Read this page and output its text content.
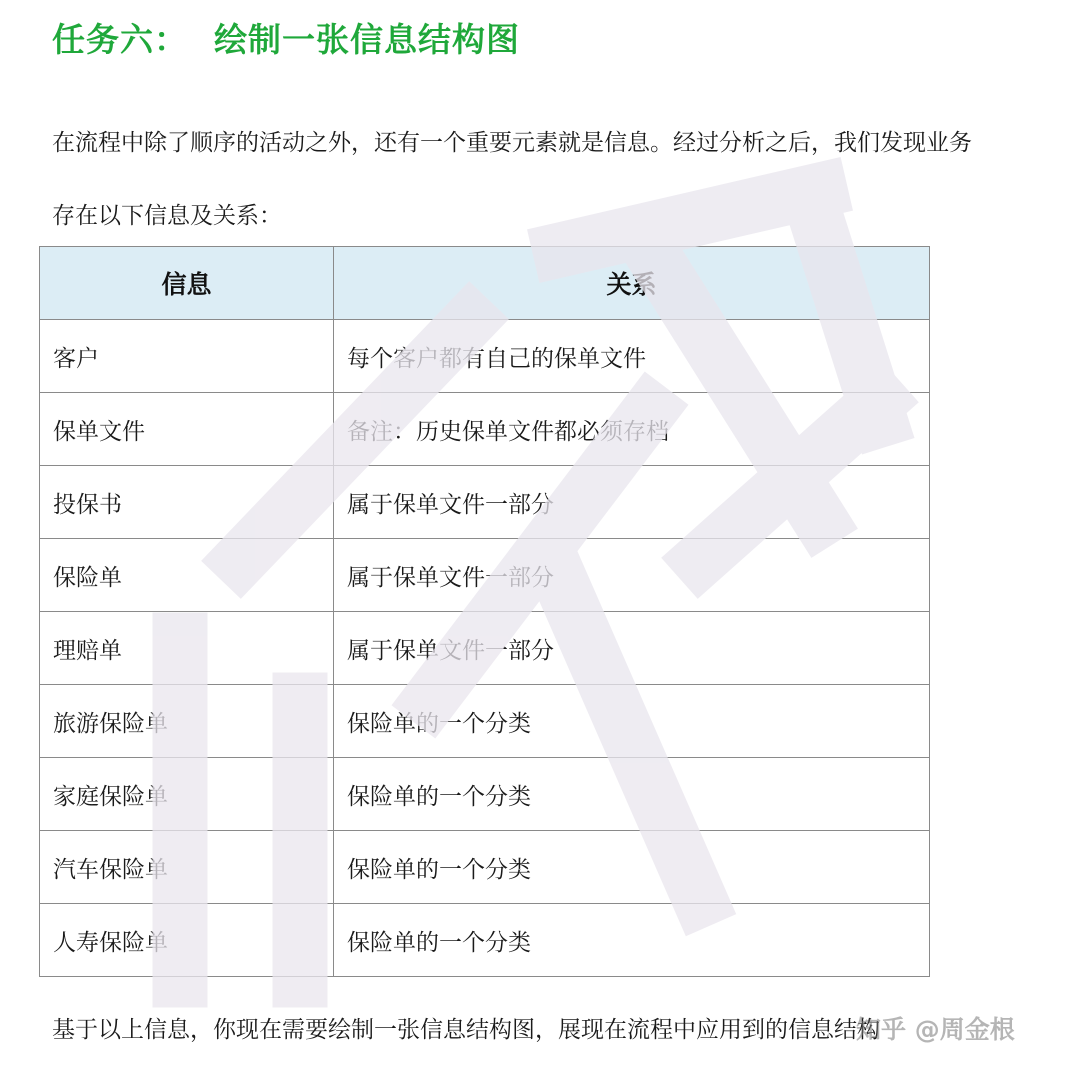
任务六： 绘制一张信息结构图
在流程中除了顺序的活动之外，还有一个重要元素就是信息。经过分析之后，我们发现业务
存在以下信息及关系：
信息	关系
客户	每个客户都有自己的保单文件
保单文件	备注：历史保单文件都必须存档
投保书	属于保单文件一部分
保险单	属于保单文件一部分
理赔单	属于保单文件一部分
旅游保险单	保险单的一个分类
家庭保险单	保险单的一个分类
汽车保险单	保险单的一个分类
人寿保险单	保险单的一个分类
基于以上信息，你现在需要绘制一张信息结构图，展现在流程中应用到的信息结构
知乎 @周金根
